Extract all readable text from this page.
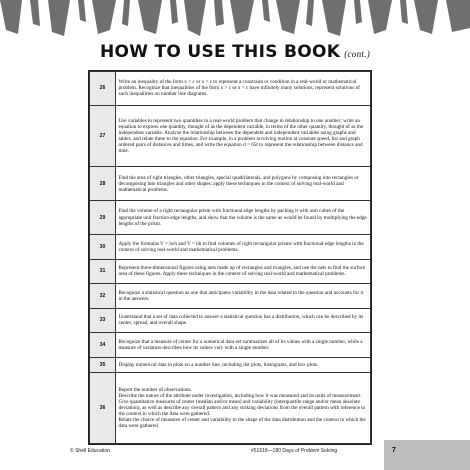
HOW TO USE THIS BOOK (cont.)
26	Write an inequality of the form x > c or x < c to represent a constraint or condition in a real-world or mathematical problem. Recognize that inequalities of the form x > c or x < c have infinitely many solutions; represent solutions of such inequalities on number line diagrams.

27	Use variables to represent two quantities in a real-world problem that change in relationship to one another; write an equation to express one quantity, thought of as the dependent variable, in terms of the other quantity, thought of as the independent variable. Analyze the relationship between the dependent and independent variables using graphs and tables, and relate these to the equation. For example, in a problem involving motion at constant speed, list and graph ordered pairs of distances and times, and write the equation d = 65t to represent the relationship between distance and time.

28	Find the area of right triangles, other triangles, special quadrilaterals, and polygons by composing into rectangles or decomposing into triangles and other shapes; apply these techniques in the context of solving real-world and mathematical problems.

29	Find the volume of a right rectangular prism with fractional edge lengths by packing it with unit cubes of the appropriate unit fraction edge lengths, and show that the volume is the same as would be found by multiplying the edge lengths of the prism.

30	Apply the formulas V = lwh and V = bh to find volumes of right rectangular prisms with fractional edge lengths in the context of solving real-world and mathematical problems.

31	Represent three-dimensional figures using nets made up of rectangles and triangles, and use the nets to find the surface area of these figures. Apply these techniques in the context of solving real-world and mathematical problems.

32	Recognize a statistical question as one that anticipates variability in the data related to the question and accounts for it in the answers.

33	Understand that a set of data collected to answer a statistical question has a distribution, which can be described by its center, spread, and overall shape.

34	Recognize that a measure of center for a numerical data set summarizes all of its values with a single number, while a measure of variation describes how its values vary with a single number.

35	Display numerical data in plots on a number line, including dot plots, histograms, and box plots.

36	Report the number of observations.

Describe the nature of the attribute under investigation, including how it was measured and its units of measurement.

Give quantitative measures of center (median and/or mean) and variability (interquartile range and/or mean absolute deviation), as well as describe any overall pattern and any striking deviations from the overall pattern with reference to the context in which the data were gathered.

Relate the choice of measures of center and variability to the shape of the data distribution and the context in which the data were gathered.

© Shell Education	#51618—180 Days of Problem Solving	7
